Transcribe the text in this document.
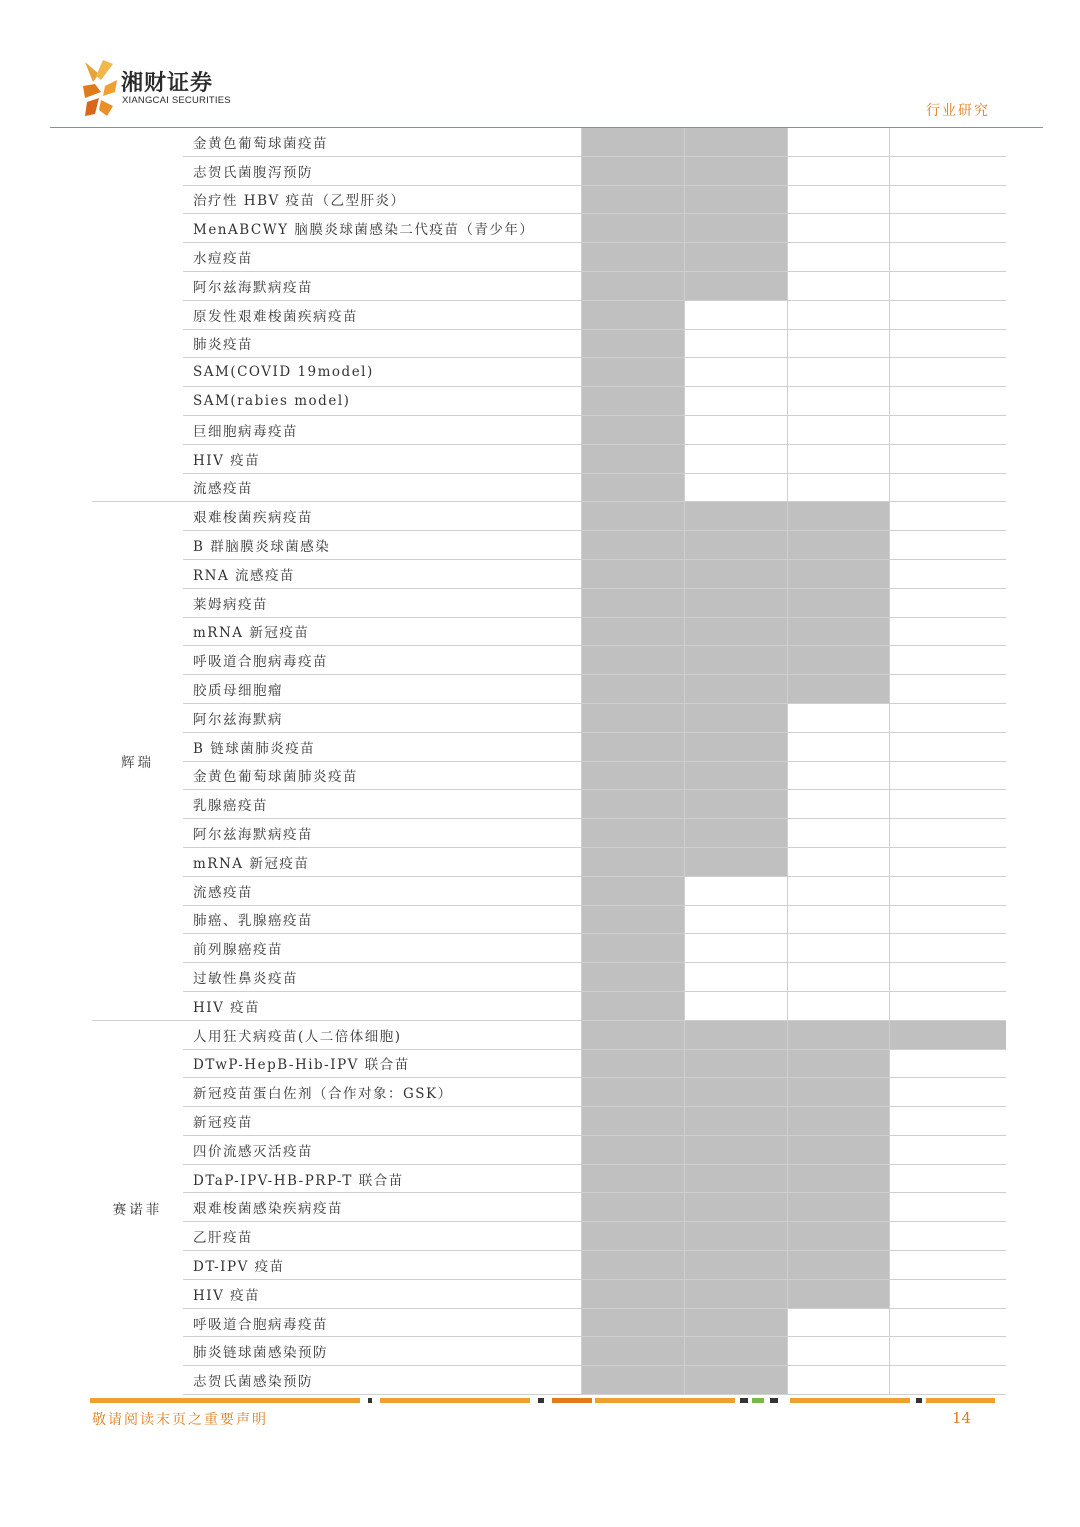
湘财证券
XIANGCAI SECURITIES
行业研究
	金黄色葡萄球菌疫苗				
	志贺氏菌腹泻预防				
	治疗性 HBV 疫苗（乙型肝炎）				
	MenABCWY 脑膜炎球菌感染二代疫苗（青少年）				
	水痘疫苗				
	阿尔兹海默病疫苗				
	原发性艰难梭菌疾病疫苗				
	肺炎疫苗				
	SAM(COVID 19model)				
	SAM(rabies model)				
	巨细胞病毒疫苗				
	HIV 疫苗				
	流感疫苗				
辉瑞	艰难梭菌疾病疫苗				
	B 群脑膜炎球菌感染				
	RNA 流感疫苗				
	莱姆病疫苗				
	mRNA 新冠疫苗				
	呼吸道合胞病毒疫苗				
	胶质母细胞瘤				
	阿尔兹海默病				
	B 链球菌肺炎疫苗				
	金黄色葡萄球菌肺炎疫苗				
	乳腺癌疫苗				
	阿尔兹海默病疫苗				
	mRNA 新冠疫苗				
	流感疫苗				
	肺癌、乳腺癌疫苗				
	前列腺癌疫苗				
	过敏性鼻炎疫苗				
	HIV 疫苗				
赛诺菲	人用狂犬病疫苗(人二倍体细胞)				
	DTwP-HepB-Hib-IPV 联合苗				
	新冠疫苗蛋白佐剂（合作对象：GSK）				
	新冠疫苗				
	四价流感灭活疫苗				
	DTaP-IPV-HB-PRP-T 联合苗				
	艰难梭菌感染疾病疫苗				
	乙肝疫苗				
	DT-IPV 疫苗				
	HIV 疫苗				
	呼吸道合胞病毒疫苗				
	肺炎链球菌感染预防				
	志贺氏菌感染预防				
敬请阅读末页之重要声明	14
